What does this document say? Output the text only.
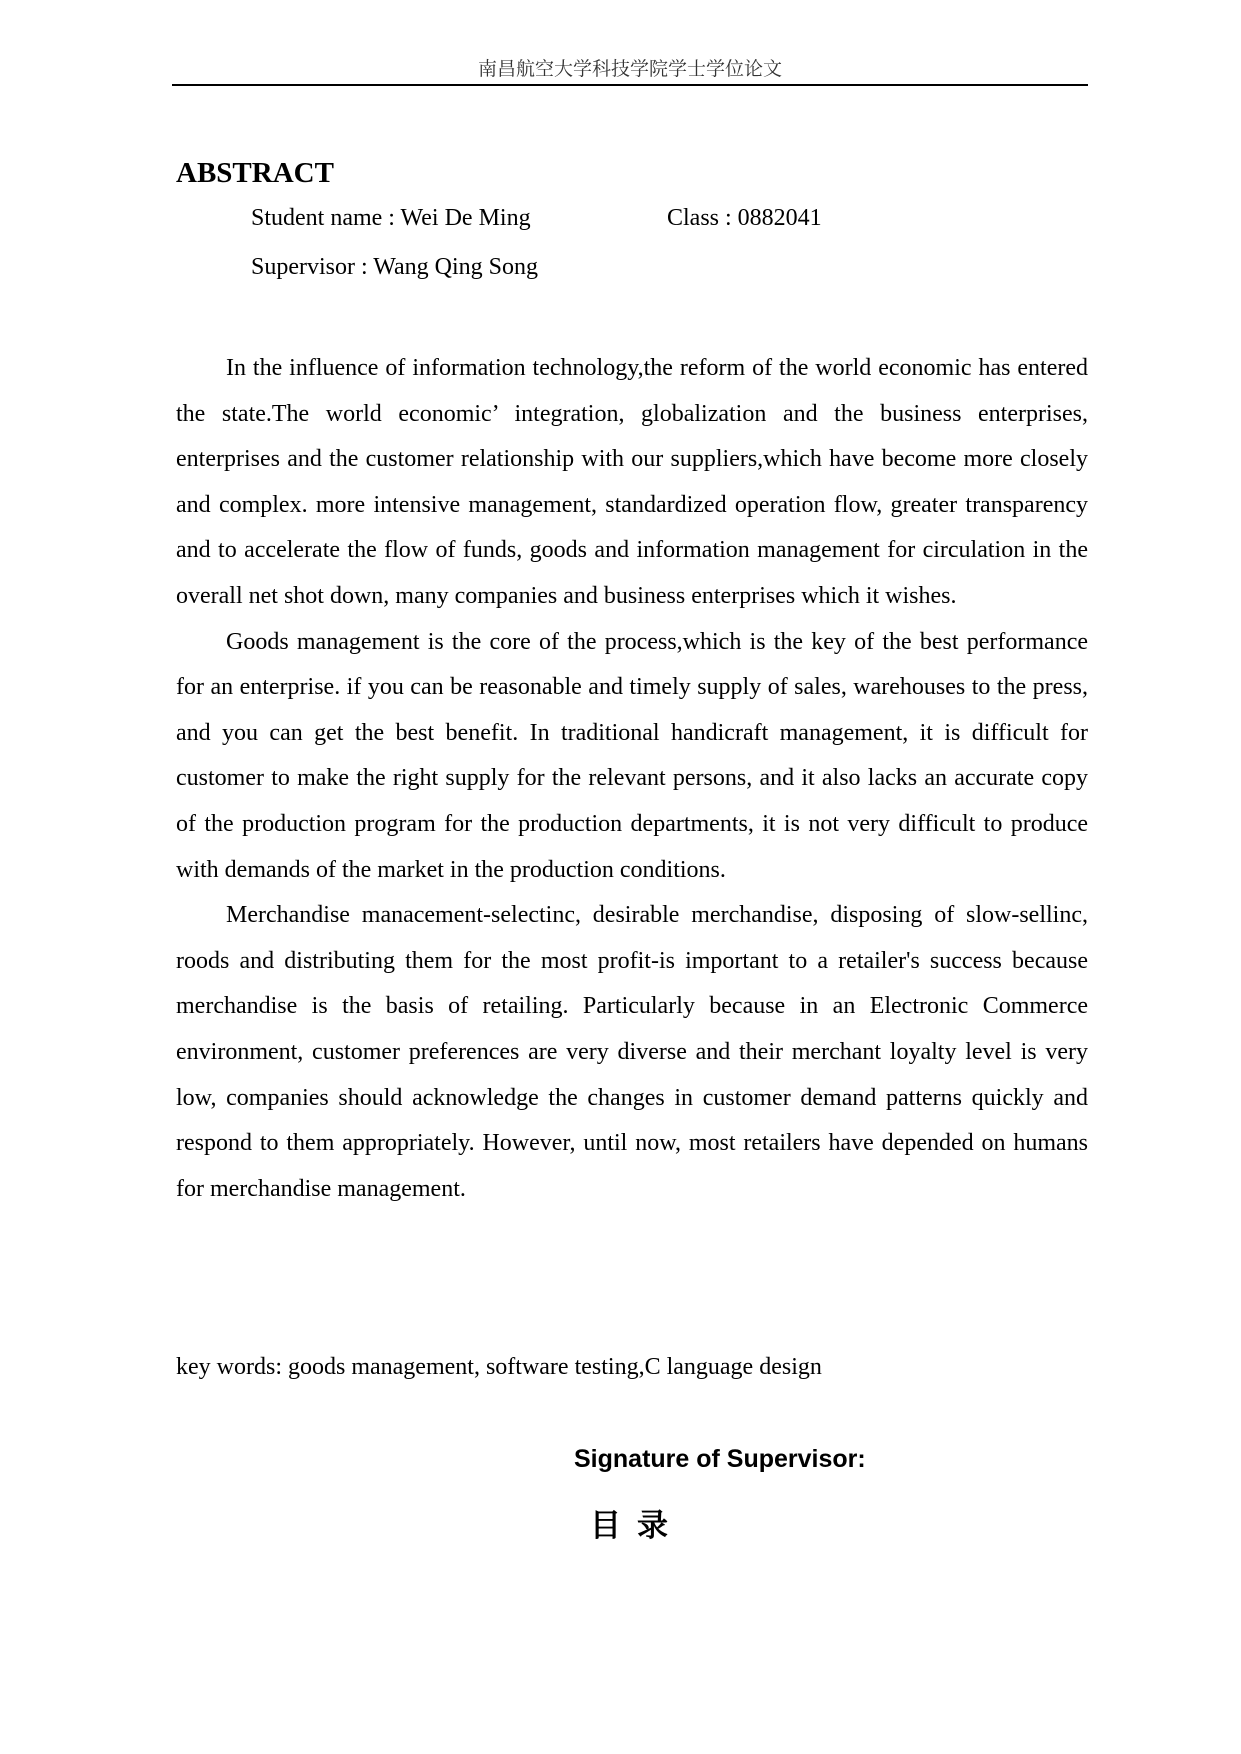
南昌航空大学科技学院学士学位论文
ABSTRACT
Student name : Wei De Ming	Class : 0882041
Supervisor : Wang Qing Song

In the influence of information technology,the reform of the world economic has entered the state.The world economic’ integration, globalization and the business enterprises, enterprises and the customer relationship with our suppliers,which have become more closely and complex. more intensive management, standardized operation flow, greater transparency and to accelerate the flow of funds, goods and information management for circulation in the overall net shot down, many companies and business enterprises which it wishes.

Goods management is the core of the process,which is the key of the best performance for an enterprise. if you can be reasonable and timely supply of sales, warehouses to the press, and you can get the best benefit. In traditional handicraft management, it is difficult for customer to make the right supply for the relevant persons, and it also lacks an accurate copy of the production program for the production departments, it is not very difficult to produce with demands of the market in the production conditions.

Merchandise manacement-selectinc, desirable merchandise, disposing of slow-sellinc, roods and distributing them for the most profit-is important to a retailer's success because merchandise is the basis of retailing. Particularly because in an Electronic Commerce environment, customer preferences are very diverse and their merchant loyalty level is very low, companies should acknowledge the changes in customer demand patterns quickly and respond to them appropriately. However, until now, most retailers have depended on humans for merchandise management.

key words: goods management, software testing,C language design
Signature of Supervisor:
目录
